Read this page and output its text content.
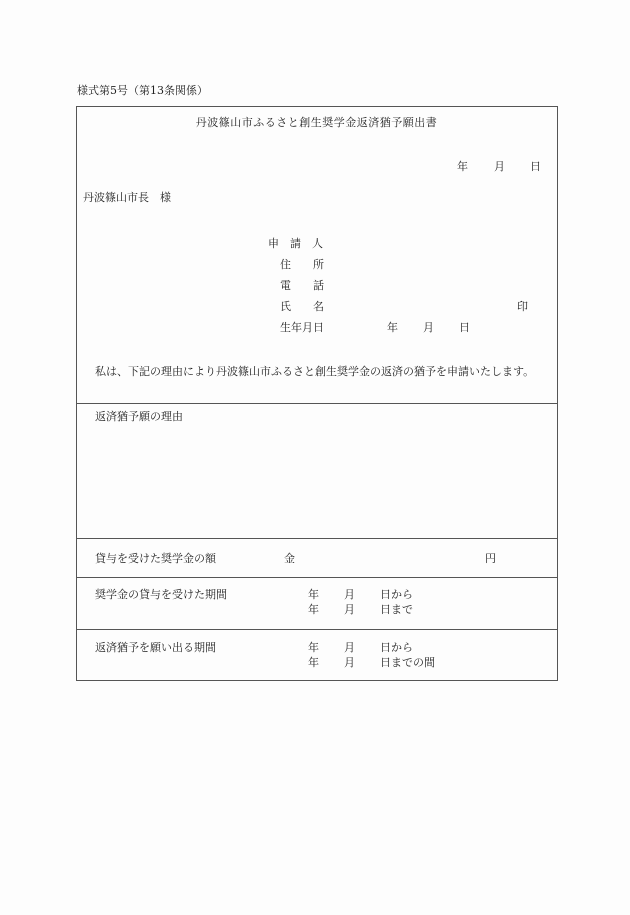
様式第5号（第13条関係）
丹波篠山市ふるさと創生奨学金返済猶予願出書
年 月 日
丹波篠山市長　様
申　請　人
住　　所
電　　話
氏　　名	印
生年月日	年 月 日
私は、下記の理由により丹波篠山市ふるさと創生奨学金の返済の猶予を申請いたします。
返済猶予願の理由
貸与を受けた奨学金の額	金	円
奨学金の貸与を受けた期間	年 月 日から
年 月 日まで
返済猶予を願い出る期間	年 月 日から
年 月 日までの間
